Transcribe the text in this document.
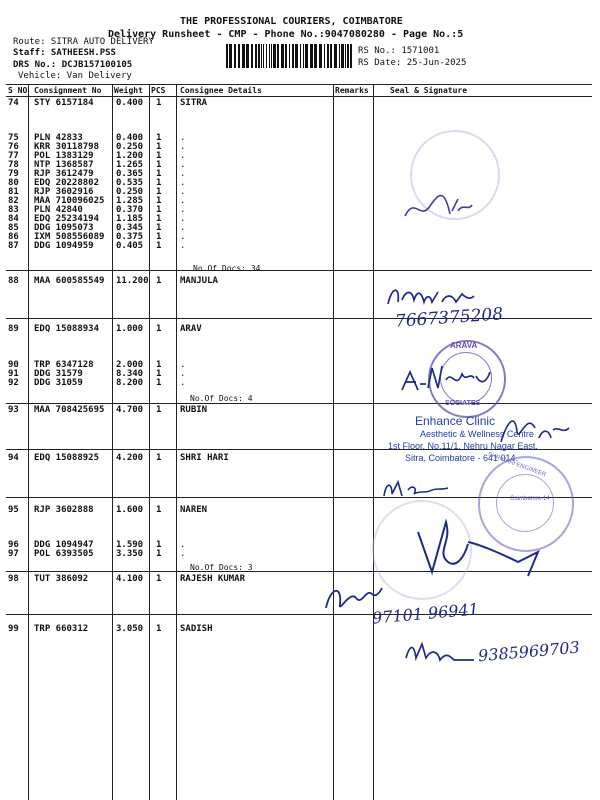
THE PROFESSIONAL COURIERS, COIMBATORE
Delivery Runsheet - CMP - Phone No.:9047080280 - Page No.:5
Route: SITRA AUTO DELIVERY
Staff: SATHEESH.PSS
DRS No.: DCJB157100105
Vehicle: Van Delivery
RS No.: 1571001
RS Date: 25-Jun-2025
S NO Consignment No Weight PCS Consignee Details	Remarks	Seal & Signature
74 STY 6157184 0.400 1 SITRA
75 PLN 42833	0.400 1 .
76 KRR 30118798 0.250 1 .
77 POL 1383129 1.200 1 .
78 NTP 1368587 1.265 1 .
79 RJP 3612479 0.365 1 .
80 EDQ 20228802 0.535 1 .
81 RJP 3602916 0.250 1 .
82 MAA 710096025 1.285 1 .
83 PLN 42840	0.370 1 .
84 EDQ 25234194 1.185 1 .
85 DDG 1095073 0.345 1 .
86 IXM 508556089 0.375 1 .
87 DDG 1094959 0.405 1 .
88 MAA 600585549 11.200 1 MANJULA
89 EDQ 15088934 1.000 1 ARAV
90 TRP 6347128 2.000 1 .
91 DDG 31579	8.340 1 .
92 DDG 31059	8.200 1 .
93 MAA 708425695 4.700 1 RUBIN
94 EDQ 15088925 4.200 1 SHRI HARI
95 RJP 3602888 1.600 1 NAREN
96 DDG 1094947 1.590 1 .
97 POL 6393505 3.350 1 .
98 TUT 386092	4.100 1 RAJESH KUMAR
99 TRP 660312	3.050 1 SADISH
No.Of Docs: 34
No.Of Docs: 4
No.Of Docs: 3
7667375208
ARAVA
SOCIATES
Enhance Clinic
Aesthetic & Wellness Centre
1st Floor, No.11/1, Nehru Nagar East,
Sitra, Coimbatore - 641 014.
Coimbatore-14
SHRIHARI ENGINEER
97101 96941
9385969703
